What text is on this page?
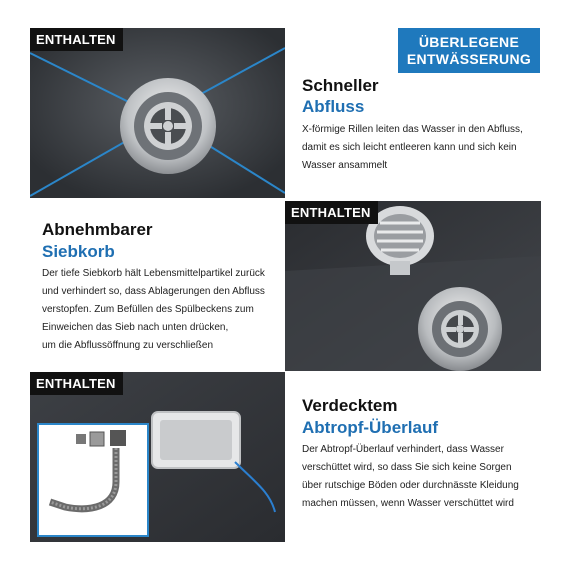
ENTHALTEN	ÜBERLEGENE
ENTWÄSSERUNG
Schneller
Abfluss
X-förmige Rillen leiten das Wasser in den Abfluss,
damit es sich leicht entleeren kann und sich kein
Wasser ansammelt
Abnehmbarer
Siebkorb
Der tiefe Siebkorb hält Lebensmittelpartikel zurück
und verhindert so, dass Ablagerungen den Abfluss
verstopfen. Zum Befüllen des Spülbeckens zum
Einweichen das Sieb nach unten drücken,
um die Abflussöffnung zu verschließen
ENTHALTEN
ENTHALTEN
Verdecktem
Abtropf-Überlauf
Der Abtropf-Überlauf verhindert, dass Wasser
verschüttet wird, so dass Sie sich keine Sorgen
über rutschige Böden oder durchnässte Kleidung
machen müssen, wenn Wasser verschüttet wird
